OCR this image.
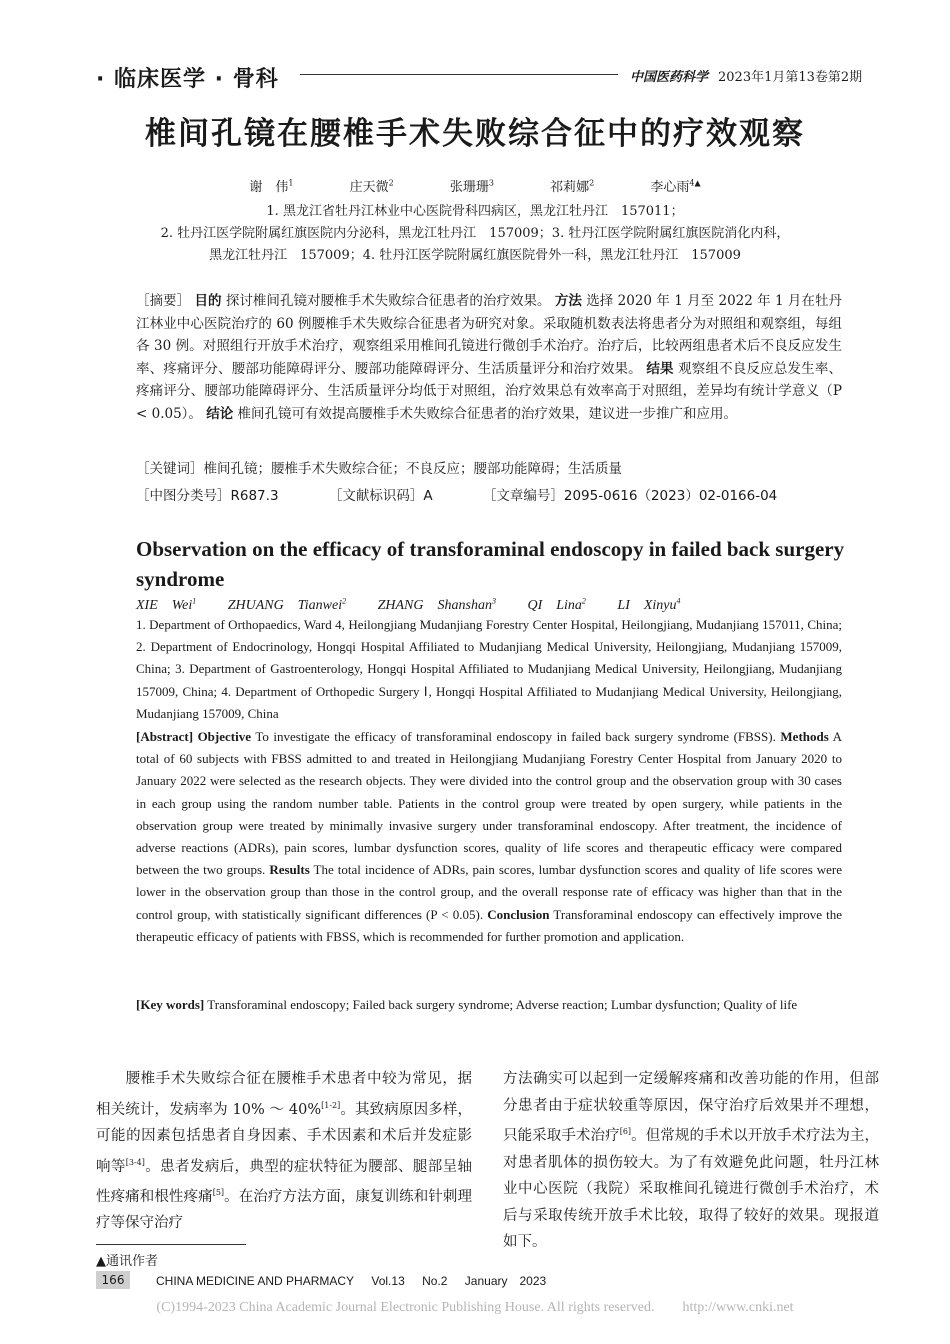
· 临床医学 · 骨科	中国医药科学 2023年1月第13卷第2期
椎间孔镜在腰椎手术失败综合征中的疗效观察
谢　伟$^1$	庄天微$^2$	张珊珊$^3$	祁莉娜$^2$	李心雨$^{4▲}$
1. 黑龙江省牡丹江林业中心医院骨科四病区，黑龙江牡丹江　157011；
2. 牡丹江医学院附属红旗医院内分泌科，黑龙江牡丹江　157009；3. 牡丹江医学院附属红旗医院消化内科，
黑龙江牡丹江　157009；4. 牡丹江医学院附属红旗医院骨外一科，黑龙江牡丹江　157009
［摘要］ 目的 探讨椎间孔镜对腰椎手术失败综合征患者的治疗效果。 方法 选择 2020 年 1 月至 2022 年 1 月在牡丹江林业中心医院治疗的 60 例腰椎手术失败综合征患者为研究对象。采取随机数表法将患者分为对照组和观察组，每组各 30 例。对照组行开放手术治疗，观察组采用椎间孔镜进行微创手术治疗。治疗后，比较两组患者术后不良反应发生率、疼痛评分、腰部功能障碍评分、腰部功能障碍评分、生活质量评分和治疗效果。 结果 观察组不良反应总发生率、疼痛评分、腰部功能障碍评分、生活质量评分均低于对照组，治疗效果总有效率高于对照组，差异均有统计学意义（P < 0.05）。 结论 椎间孔镜可有效提高腰椎手术失败综合征患者的治疗效果，建议进一步推广和应用。
［关键词］椎间孔镜；腰椎手术失败综合征；不良反应；腰部功能障碍；生活质量
［中图分类号］R687.3	［文献标识码］A	［文章编号］2095-0616（2023）02-0166-04
Observation on the efficacy of transforaminal endoscopy in failed back surgery syndrome
XIE　Wei$^1$ ZHUANG　Tianwei$^2$ ZHANG　Shanshan$^3$ QI　Lina$^2$ LI　Xinyu$^4$
1. Department of Orthopaedics, Ward 4, Heilongjiang Mudanjiang Forestry Center Hospital, Heilongjiang, Mudanjiang 157011, China; 2. Department of Endocrinology, Hongqi Hospital Affiliated to Mudanjiang Medical University, Heilongjiang, Mudanjiang 157009, China; 3. Department of Gastroenterology, Hongqi Hospital Affiliated to Mudanjiang Medical University, Heilongjiang, Mudanjiang 157009, China; 4. Department of Orthopedic Surgery Ⅰ, Hongqi Hospital Affiliated to Mudanjiang Medical University, Heilongjiang, Mudanjiang 157009, China
[Abstract] Objective To investigate the efficacy of transforaminal endoscopy in failed back surgery syndrome (FBSS). Methods A total of 60 subjects with FBSS admitted to and treated in Heilongjiang Mudanjiang Forestry Center Hospital from January 2020 to January 2022 were selected as the research objects. They were divided into the control group and the observation group with 30 cases in each group using the random number table. Patients in the control group were treated by open surgery, while patients in the observation group were treated by minimally invasive surgery under transforaminal endoscopy. After treatment, the incidence of adverse reactions (ADRs), pain scores, lumbar dysfunction scores, quality of life scores and therapeutic efficacy were compared between the two groups. Results The total incidence of ADRs, pain scores, lumbar dysfunction scores and quality of life scores were lower in the observation group than those in the control group, and the overall response rate of efficacy was higher than that in the control group, with statistically significant differences (P < 0.05). Conclusion Transforaminal endoscopy can effectively improve the therapeutic efficacy of patients with FBSS, which is recommended for further promotion and application.
[Key words] Transforaminal endoscopy; Failed back surgery syndrome; Adverse reaction; Lumbar dysfunction; Quality of life
腰椎手术失败综合征在腰椎手术患者中较为常见，据相关统计，发病率为 10% ～ 40%[1-2]。其致病原因多样，可能的因素包括患者自身因素、手术因素和术后并发症影响等[3-4]。患者发病后，典型的症状特征为腰部、腿部呈轴性疼痛和根性疼痛[5]。在治疗方法方面，康复训练和针刺理疗等保守治疗
方法确实可以起到一定缓解疼痛和改善功能的作用，但部分患者由于症状较重等原因，保守治疗后效果并不理想，只能采取手术治疗[6]。但常规的手术以开放手术疗法为主，对患者肌体的损伤较大。为了有效避免此问题，牡丹江林业中心医院（我院）采取椎间孔镜进行微创手术治疗，术后与采取传统开放手术比较，取得了较好的效果。现报道如下。
▲通讯作者
166	CHINA MEDICINE AND PHARMACY Vol.13 No.2 January　2023
(C)1994-2023 China Academic Journal Electronic Publishing House. All rights reserved.　　http://www.cnki.net
